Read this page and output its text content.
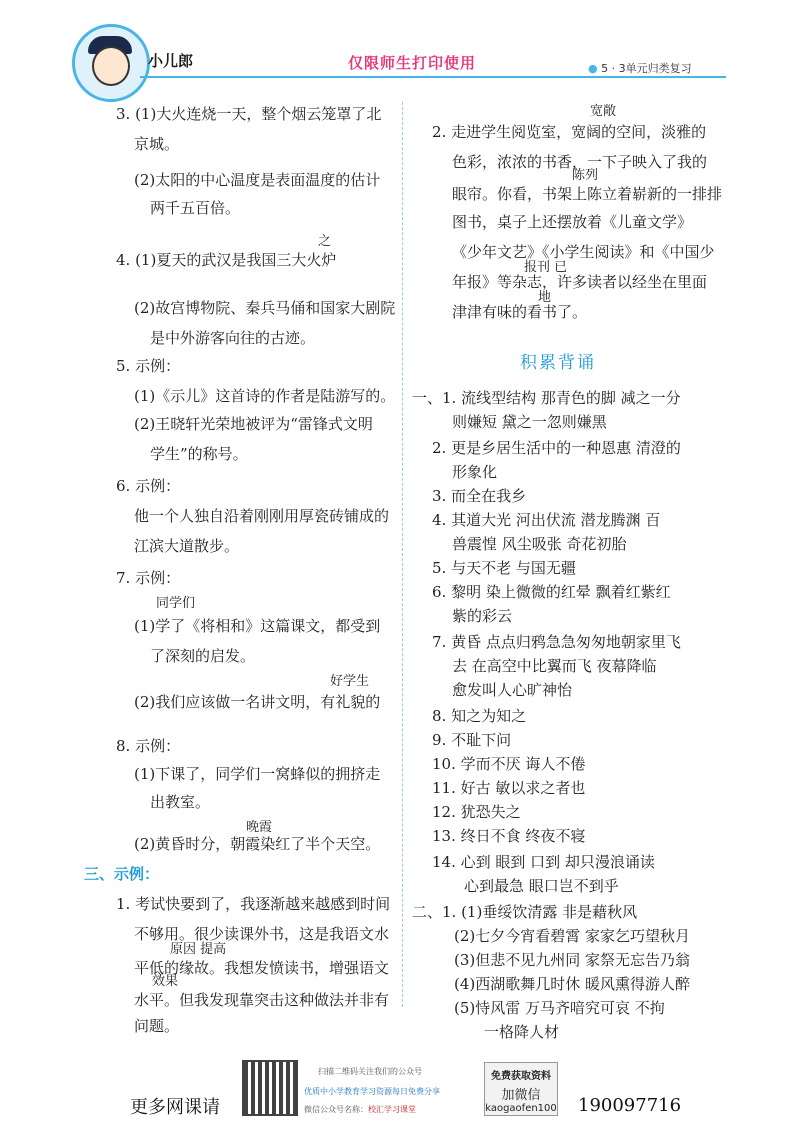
小儿郎	仅限师生打印使用	● 5 · 3单元归类复习
3. (1)大火连烧一天，整个烟云笼罩了北
京城。
(2)太阳的中心温度是表面温度的估计
两千五百倍。
之
4. (1)夏天的武汉是我国三大火炉
(2)故宫博物院、秦兵马俑和国家大剧院
是中外游客向往的古迹。
5. 示例：
(1)《示儿》这首诗的作者是陆游写的。
(2)王晓轩光荣地被评为“雷锋式文明
学生”的称号。
6. 示例：
他一个人独自沿着刚刚用厚瓷砖铺成的
江滨大道散步。
7. 示例：
同学们
(1)学了《将相和》这篇课文，都受到
了深刻的启发。
好学生
(2)我们应该做一名讲文明，有礼貌的
8. 示例：
(1)下课了，同学们一窝蜂似的拥挤走
出教室。
晚霞
(2)黄昏时分，朝霞染红了半个天空。
三、示例：
1. 考试快要到了，我逐渐越来越感到时间
不够用。很少读课外书，这是我语文水
原因 提高
平低的缘故。我想发愤读书，增强语文
效果
水平。但我发现靠突击这种做法并非有
问题。
宽敞
2. 走进学生阅览室，宽阔的空间，淡雅的
色彩，浓浓的书香，一下子映入了我的
陈列
眼帘。你看，书架上陈立着崭新的一排排
图书，桌子上还摆放着《儿童文学》
《少年文艺》《小学生阅读》和《中国少
报刊 已
年报》等杂志，许多读者以经坐在里面
地
津津有味的看书了。
积累背诵
一、1. 流线型结构 那青色的脚 减之一分
则嫌短 黛之一忽则嫌黑
2. 更是乡居生活中的一种恩惠 清澄的
形象化
3. 而全在我乡
4. 其道大光 河出伏流 潜龙腾渊 百
兽震惶 风尘吸张 奇花初胎
5. 与天不老 与国无疆
6. 黎明 染上微微的红晕 飘着红紫红
紫的彩云
7. 黄昏 点点归鸦急急匆匆地朝家里飞
去 在高空中比翼而飞 夜幕降临
愈发叫人心旷神怡
8. 知之为知之
9. 不耻下问
10. 学而不厌 诲人不倦
11. 好古 敏以求之者也
12. 犹恐失之
13. 终日不食 终夜不寝
14. 心到 眼到 口到 却只漫浪诵读
心到最急 眼口岂不到乎
二、1. (1)垂绥饮清露 非是藉秋风
(2)七夕今宵看碧霄 家家乞巧望秋月
(3)但悲不见九州同 家祭无忘告乃翁
(4)西湖歌舞几时休 暖风熏得游人醉
(5)恃风雷 万马齐喑究可哀 不拘
一格降人材
更多网课请
扫描二维码关注我们的公众号
优质中小学教育学习资源每日免费分享
微信公众号名称：校汇学习课堂
免费获取资料
加微信
kaogaofen100 190097716
